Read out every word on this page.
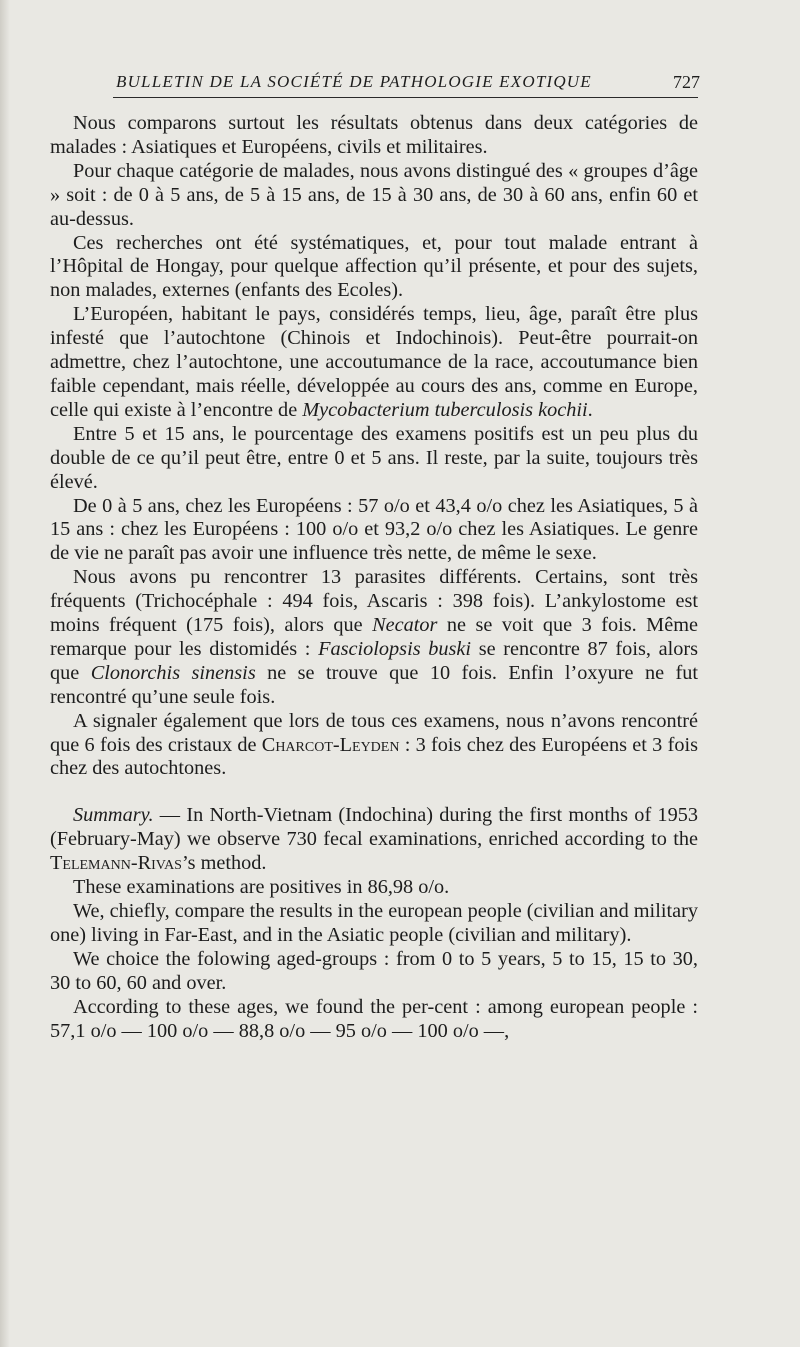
BULLETIN DE LA SOCIÉTÉ DE PATHOLOGIE EXOTIQUE	727

Nous comparons surtout les résultats obtenus dans deux catégories de malades : Asiatiques et Européens, civils et militaires.

Pour chaque catégorie de malades, nous avons distingué des « groupes d’âge » soit : de 0 à 5 ans, de 5 à 15 ans, de 15 à 30 ans, de 30 à 60 ans, enfin 60 et au-dessus.

Ces recherches ont été systématiques, et, pour tout malade entrant à l’Hôpital de Hongay, pour quelque affection qu’il présente, et pour des sujets, non malades, externes (enfants des Ecoles).

L’Européen, habitant le pays, considérés temps, lieu, âge, paraît être plus infesté que l’autochtone (Chinois et Indochinois). Peut-être pourrait-on admettre, chez l’autochtone, une accoutumance de la race, accoutumance bien faible cependant, mais réelle, développée au cours des ans, comme en Europe, celle qui existe à l’encontre de Mycobacterium tuberculosis kochii.

Entre 5 et 15 ans, le pourcentage des examens positifs est un peu plus du double de ce qu’il peut être, entre 0 et 5 ans. Il reste, par la suite, toujours très élevé.

De 0 à 5 ans, chez les Européens : 57 o/o et 43,4 o/o chez les Asiatiques, 5 à 15 ans : chez les Européens : 100 o/o et 93,2 o/o chez les Asiatiques. Le genre de vie ne paraît pas avoir une influence très nette, de même le sexe.

Nous avons pu rencontrer 13 parasites différents. Certains, sont très fréquents (Trichocéphale : 494 fois, Ascaris : 398 fois). L’ankylostome est moins fréquent (175 fois), alors que Necator ne se voit que 3 fois. Même remarque pour les distomidés : Fasciolopsis buski se rencontre 87 fois, alors que Clonorchis sinensis ne se trouve que 10 fois. Enfin l’oxyure ne fut rencontré qu’une seule fois.

A signaler également que lors de tous ces examens, nous n’avons rencontré que 6 fois des cristaux de Charcot-Leyden : 3 fois chez des Européens et 3 fois chez des autochtones.

Summary. — In North-Vietnam (Indochina) during the first months of 1953 (February-May) we observe 730 fecal examinations, enriched according to the Telemann-Rivas’s method.

These examinations are positives in 86,98 o/o.

We, chiefly, compare the results in the european people (civilian and military one) living in Far-East, and in the Asiatic people (civilian and military).

We choice the folowing aged-groups : from 0 to 5 years, 5 to 15, 15 to 30, 30 to 60, 60 and over.

According to these ages, we found the per-cent : among european people : 57,1 o/o — 100 o/o — 88,8 o/o — 95 o/o — 100 o/o —,
